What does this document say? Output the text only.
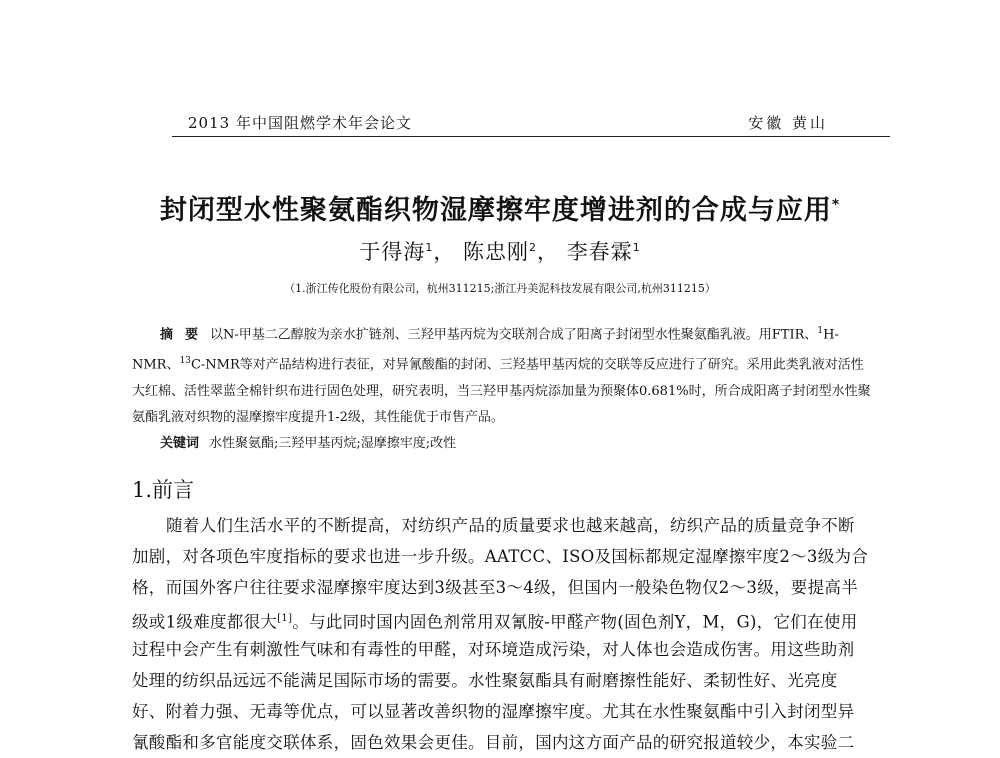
2013 年中国阻燃学术年会论文	安徽 黄山
封闭型水性聚氨酯织物湿摩擦牢度增进剂的合成与应用*
于得海$^1$， 陈忠刚$^2$， 李春霖$^1$
（1.浙江传化股份有限公司，杭州311215;浙江丹美泥科技发展有限公司,杭州311215）

摘要以N-甲基二乙醇胺为亲水扩链剂、三羟甲基丙烷为交联剂合成了阳离子封闭型水性聚氨酯乳液。用FTIR、$^1$H-NMR、$^{13}$C-NMR等对产品结构进行表征，对异氰酸酯的封闭、三羟基甲基丙烷的交联等反应进行了研究。采用此类乳液对活性大红棉、活性翠蓝全棉针织布进行固色处理，研究表明，当三羟甲基丙烷添加量为预聚体0.681%时，所合成阳离子封闭型水性聚氨酯乳液对织物的湿摩擦牢度提升1-2级，其性能优于市售产品。

关键词 水性聚氨酯;三羟甲基丙烷;湿摩擦牢度;改性

1.前言
随着人们生活水平的不断提高，对纺织产品的质量要求也越来越高，纺织产品的质量竞争不断
加剧，对各项色牢度指标的要求也进一步升级。AATCC、ISO及国标都规定湿摩擦牢度2～3级为合
格，而国外客户往往要求湿摩擦牢度达到3级甚至3～4级，但国内一般染色物仅2～3级，要提高半
级或1级难度都很大[1]。与此同时国内固色剂常用双氰胺-甲醛产物(固色剂Y，M，G)，它们在使用
过程中会产生有刺激性气味和有毒性的甲醛，对环境造成污染，对人体也会造成伤害。用这些助剂
处理的纺织品远远不能满足国际市场的需要。水性聚氨酯具有耐磨擦性能好、柔韧性好、光亮度
好、附着力强、无毒等优点，可以显著改善织物的湿摩擦牢度。尤其在水性聚氨酯中引入封闭型异
氰酸酯和多官能度交联体系，固色效果会更佳。目前，国内这方面产品的研究报道较少，本实验二
